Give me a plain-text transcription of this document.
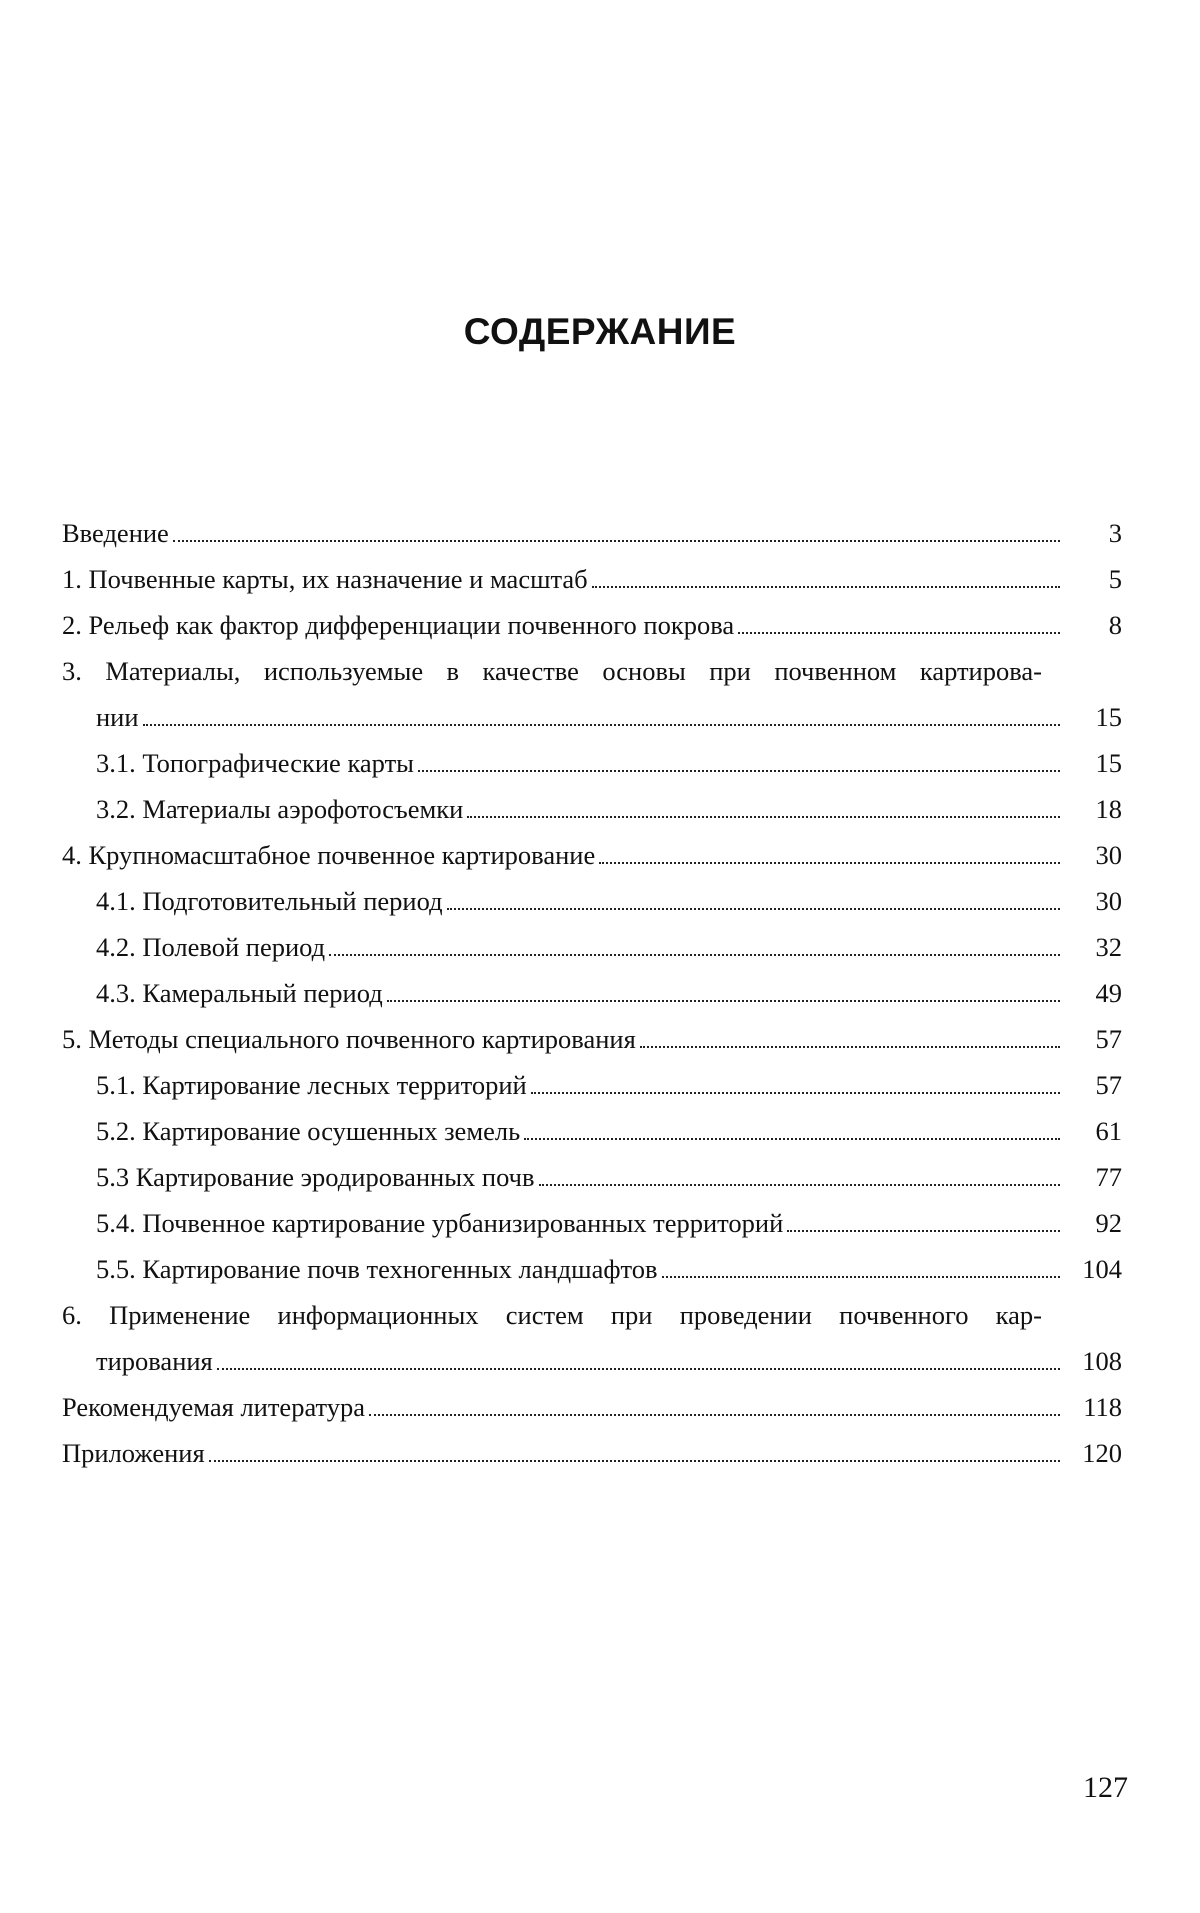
СОДЕРЖАНИЕ
Введение	3
1. Почвенные карты, их назначение и масштаб	5
2. Рельеф как фактор дифференциации почвенного покрова	8
3. Материалы, используемые в качестве основы при почвенном картирова-
нии	15
3.1. Топографические карты	15
3.2. Материалы аэрофотосъемки	18
4. Крупномасштабное почвенное картирование	30
4.1. Подготовительный период	30
4.2. Полевой период	32
4.3. Камеральный период	49
5. Методы специального почвенного картирования	57
5.1. Картирование лесных территорий	57
5.2. Картирование осушенных земель	61
5.3 Картирование эродированных почв	77
5.4. Почвенное картирование урбанизированных территорий	92
5.5. Картирование почв техногенных ландшафтов	104
6. Применение информационных систем при проведении почвенного кар-
тирования	108
Рекомендуемая литература	118
Приложения	120
127
